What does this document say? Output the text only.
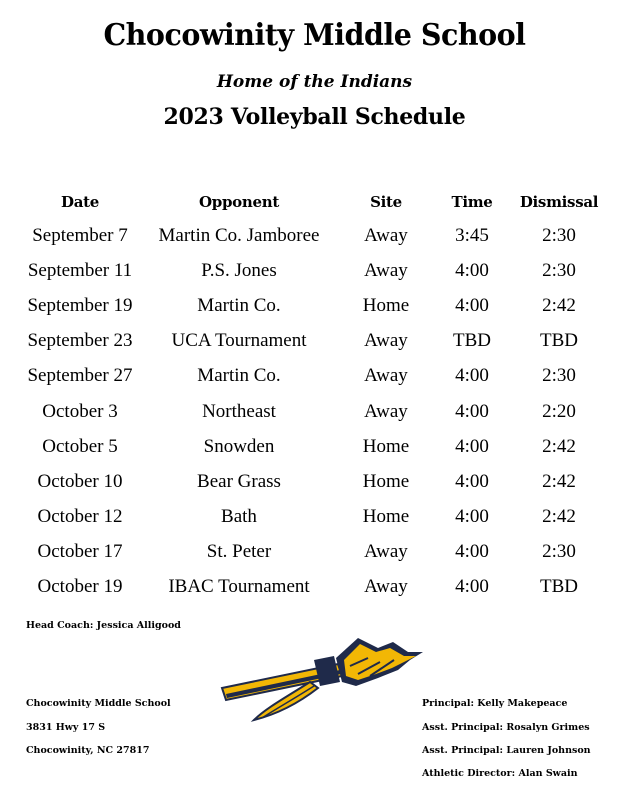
Chocowinity Middle School
Home of the Indians
2023 Volleyball Schedule
Date	Opponent	Site	Time	Dismissal
September 7	Martin Co. Jamboree	Away	3:45	2:30
September 11	P.S. Jones	Away	4:00	2:30
September 19	Martin Co.	Home	4:00	2:42
September 23	UCA Tournament	Away	TBD	TBD
September 27	Martin Co.	Away	4:00	2:30
October 3	Northeast	Away	4:00	2:20
October 5	Snowden	Home	4:00	2:42
October 10	Bear Grass	Home	4:00	2:42
October 12	Bath	Home	4:00	2:42
October 17	St. Peter	Away	4:00	2:30
October 19	IBAC Tournament	Away	4:00	TBD
Head Coach: Jessica Alligood
Chocowinity Middle School
3831 Hwy 17 S
Chocowinity, NC 27817
Principal: Kelly Makepeace
Asst. Principal: Rosalyn Grimes
Asst. Principal: Lauren Johnson
Athletic Director: Alan Swain
